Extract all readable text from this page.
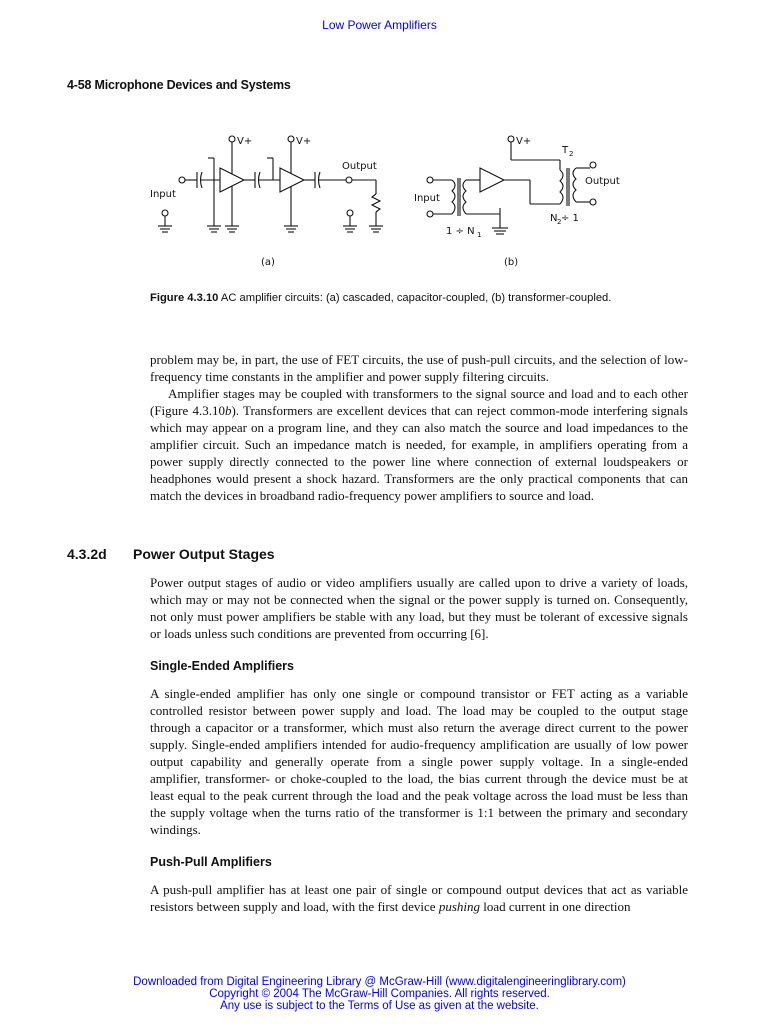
Low Power Amplifiers
4-58 Microphone Devices and Systems
V+	V+
Output
Input
(a)
V+
T 2
Output
Input
1 ÷ N 1
N 2 ÷ 1
(b)
Figure 4.3.10 AC amplifier circuits: (a) cascaded, capacitor-coupled, (b) transformer-coupled.

problem may be, in part, the use of FET circuits, the use of push-pull circuits, and the selection of low-frequency time constants in the amplifier and power supply filtering circuits.

Amplifier stages may be coupled with transformers to the signal source and load and to each other (Figure 4.3.10b). Transformers are excellent devices that can reject common-mode interfering signals which may appear on a program line, and they can also match the source and load impedances to the amplifier circuit. Such an impedance match is needed, for example, in amplifiers operating from a power supply directly connected to the power line where connection of external loudspeakers or headphones would present a shock hazard. Transformers are the only practical components that can match the devices in broadband radio-frequency power amplifiers to source and load.

4.3.2d Power Output Stages

Power output stages of audio or video amplifiers usually are called upon to drive a variety of loads, which may or may not be connected when the signal or the power supply is turned on. Consequently, not only must power amplifiers be stable with any load, but they must be tolerant of excessive signals or loads unless such conditions are prevented from occurring [6].

Single-Ended Amplifiers

A single-ended amplifier has only one single or compound transistor or FET acting as a variable controlled resistor between power supply and load. The load may be coupled to the output stage through a capacitor or a transformer, which must also return the average direct current to the power supply. Single-ended amplifiers intended for audio-frequency amplification are usually of low power output capability and generally operate from a single power supply voltage. In a single-ended amplifier, transformer- or choke-coupled to the load, the bias current through the device must be at least equal to the peak current through the load and the peak voltage across the load must be less than the supply voltage when the turns ratio of the transformer is 1:1 between the primary and secondary windings.

Push-Pull Amplifiers

A push-pull amplifier has at least one pair of single or compound output devices that act as variable resistors between supply and load, with the first device pushing load current in one direction

Downloaded from Digital Engineering Library @ McGraw-Hill (www.digitalengineeringlibrary.com)
Copyright © 2004 The McGraw-Hill Companies. All rights reserved.
Any use is subject to the Terms of Use as given at the website.
